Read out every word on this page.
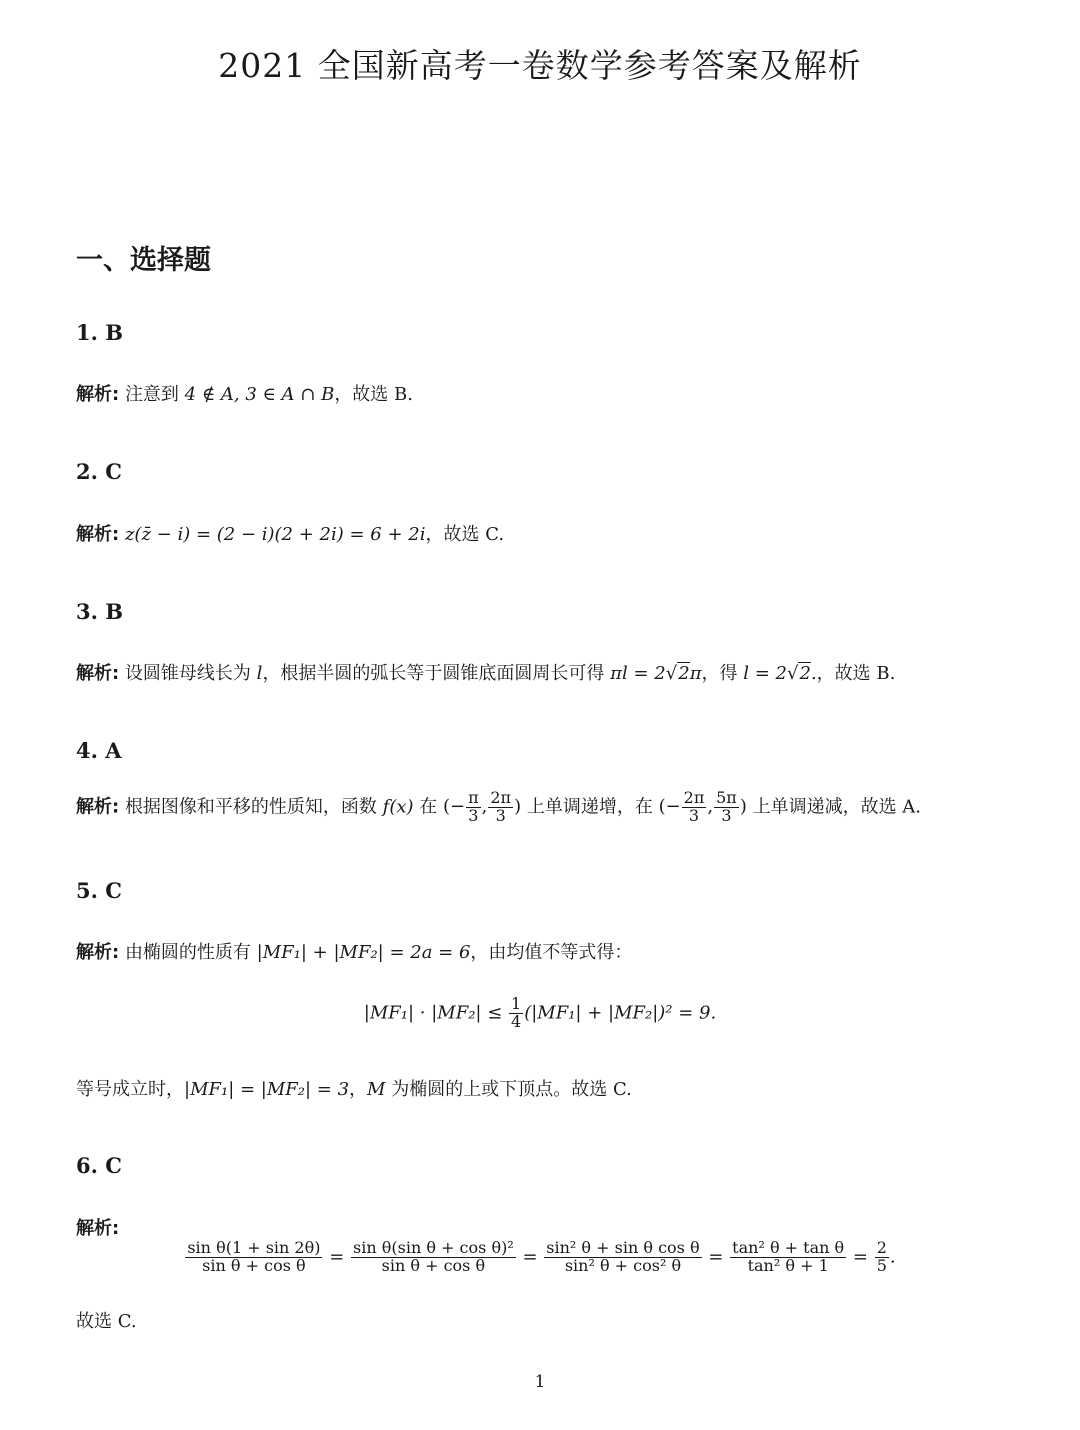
2021 全国新高考一卷数学参考答案及解析
一、选择题
1. B
解析: 注意到 4 ∉ A, 3 ∈ A ∩ B，故选 B.
2. C
解析: z(z̄ − i) = (2 − i)(2 + 2i) = 6 + 2i，故选 C.
3. B
解析: 设圆锥母线长为 l，根据半圆的弧长等于圆锥底面圆周长可得 πl = 2√2π，得 l = 2√2.，故选 B.
4. A
解析: 根据图像和平移的性质知，函数 f(x) 在 (− $\frac{\pi}{3}$ , $\frac{2\pi}{3}$ ) 上单调递增，在 (− $\frac{2\pi}{3}$ , $\frac{5\pi}{3}$ ) 上单调递减，故选 A.
5. C
解析: 由椭圆的性质有 |MF₁| + |MF₂| = 2a = 6，由均值不等式得：
$|MF_1| \cdot |MF_2| \le \frac{1}{4} (|MF_1| + |MF_2|)^2 = 9$.
等号成立时，|MF₁| = |MF₂| = 3，M 为椭圆的上或下顶点。故选 C.
6. C
解析:
$\frac{\text{sin θ(1 + sin 2θ)}}{\text{sin θ + cos θ}} = \frac{\text{sin θ(sin θ + cos θ)²}}{\text{sin θ + cos θ}} = \frac{\text{sin² θ + sin θ cos θ}}{\text{sin² θ + cos² θ}} = \frac{\text{tan² θ + tan θ}}{\text{tan² θ + 1}} = \frac{2}{5}$ .
故选 C.
1
